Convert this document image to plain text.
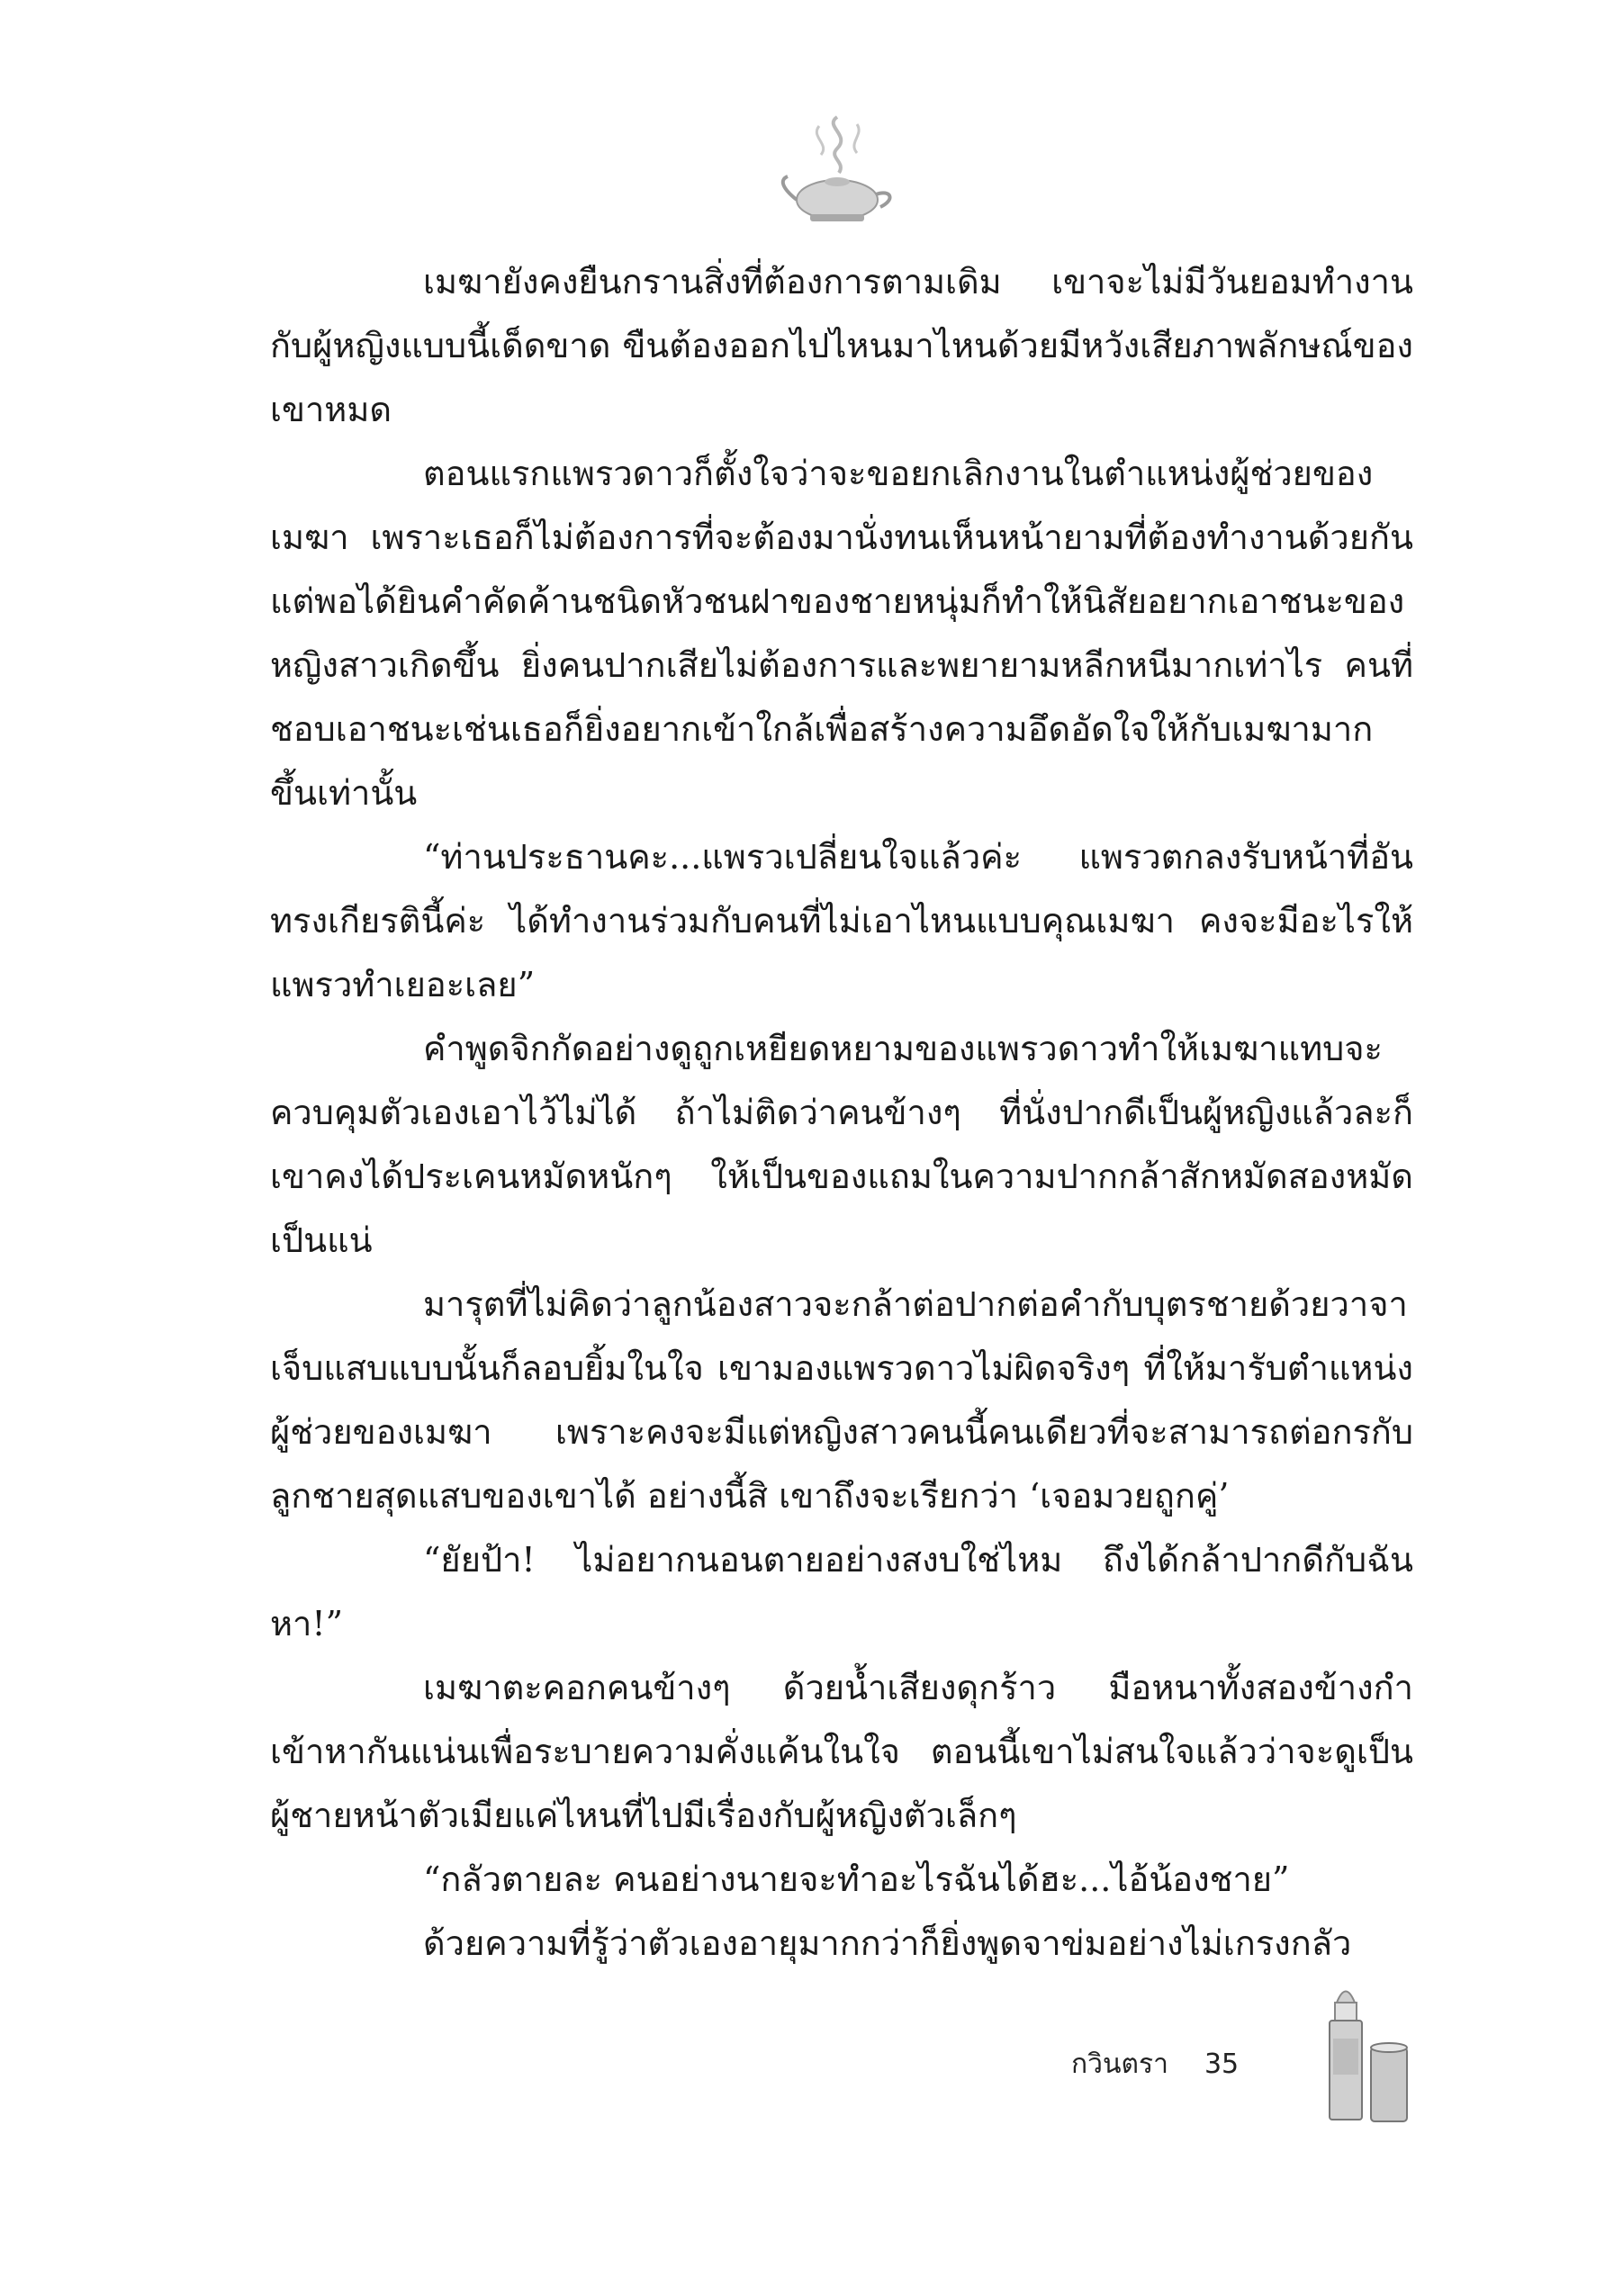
เมฆายังคงยืนกรานสิ่งที่ต้องการตามเดิม เขาจะไม่มีวันยอมทำงานกับผู้หญิงแบบนี้เด็ดขาด ขืนต้องออกไปไหนมาไหนด้วยมีหวังเสียภาพลักษณ์ของเขาหมด

ตอนแรกแพรวดาวก็ตั้งใจว่าจะขอยกเลิกงานในตำแหน่งผู้ช่วยของเมฆา เพราะเธอก็ไม่ต้องการที่จะต้องมานั่งทนเห็นหน้ายามที่ต้องทำงานด้วยกัน แต่พอได้ยินคำคัดค้านชนิดหัวชนฝาของชายหนุ่มก็ทำให้นิสัยอยากเอาชนะของหญิงสาวเกิดขึ้น ยิ่งคนปากเสียไม่ต้องการและพยายามหลีกหนีมากเท่าไร คนที่ชอบเอาชนะเช่นเธอก็ยิ่งอยากเข้าใกล้เพื่อสร้างความอึดอัดใจให้กับเมฆามากขึ้นเท่านั้น

“ท่านประธานคะ...แพรวเปลี่ยนใจแล้วค่ะ แพรวตกลงรับหน้าที่อันทรงเกียรตินี้ค่ะ ได้ทำงานร่วมกับคนที่ไม่เอาไหนแบบคุณเมฆา คงจะมีอะไรให้แพรวทำเยอะเลย”

คำพูดจิกกัดอย่างดูถูกเหยียดหยามของแพรวดาวทำให้เมฆาแทบจะควบคุมตัวเองเอาไว้ไม่ได้ ถ้าไม่ติดว่าคนข้างๆ ที่นั่งปากดีเป็นผู้หญิงแล้วละก็ เขาคงได้ประเคนหมัดหนักๆ ให้เป็นของแถมในความปากกล้าสักหมัดสองหมัดเป็นแน่

มารุตที่ไม่คิดว่าลูกน้องสาวจะกล้าต่อปากต่อคำกับบุตรชายด้วยวาจาเจ็บแสบแบบนั้นก็ลอบยิ้มในใจ เขามองแพรวดาวไม่ผิดจริงๆ ที่ให้มารับตำแหน่งผู้ช่วยของเมฆา เพราะคงจะมีแต่หญิงสาวคนนี้คนเดียวที่จะสามารถต่อกรกับลูกชายสุดแสบของเขาได้ อย่างนี้สิ เขาถึงจะเรียกว่า ‘เจอมวยถูกคู่’

“ยัยป้า! ไม่อยากนอนตายอย่างสงบใช่ไหม ถึงได้กล้าปากดีกับฉันหา!”

เมฆาตะคอกคนข้างๆ ด้วยน้ำเสียงดุกร้าว มือหนาทั้งสองข้างกำเข้าหากันแน่นเพื่อระบายความคั่งแค้นในใจ ตอนนี้เขาไม่สนใจแล้วว่าจะดูเป็นผู้ชายหน้าตัวเมียแค่ไหนที่ไปมีเรื่องกับผู้หญิงตัวเล็กๆ

“กลัวตายละ คนอย่างนายจะทำอะไรฉันได้ฮะ...ไอ้น้องชาย”

ด้วยความที่รู้ว่าตัวเองอายุมากกว่าก็ยิ่งพูดจาข่มอย่างไม่เกรงกลัว

กวินตรา 35
